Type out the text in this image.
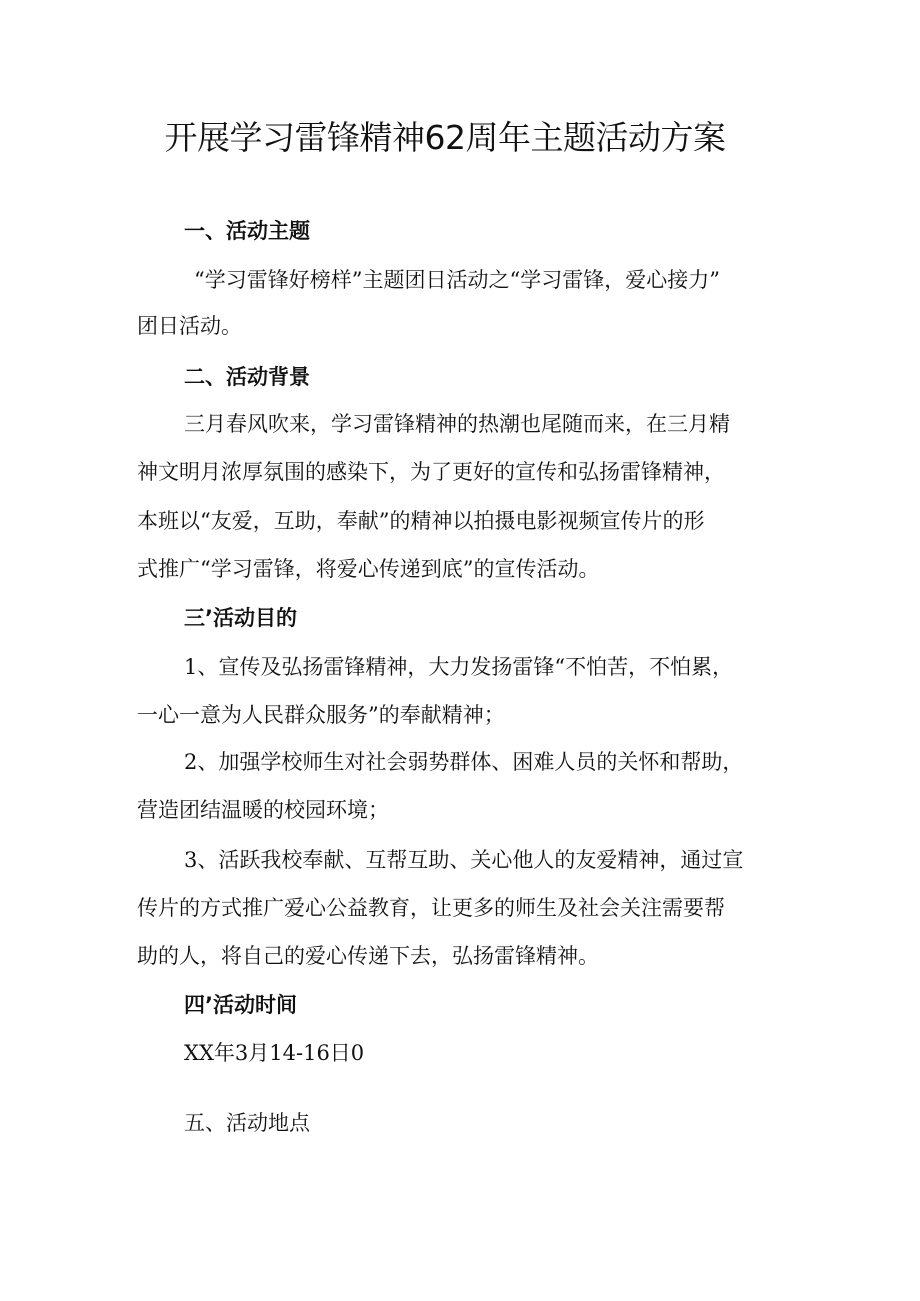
开展学习雷锋精神62周年主题活动方案
一、活动主题
“学习雷锋好榜样”主题团日活动之“学习雷锋，爱心接力”
团日活动。
二、活动背景
三月春风吹来，学习雷锋精神的热潮也尾随而来，在三月精
神文明月浓厚氛围的感染下，为了更好的宣传和弘扬雷锋精神，
本班以“友爱，互助，奉献”的精神以拍摄电影视频宣传片的形
式推广“学习雷锋，将爱心传递到底”的宣传活动。
三’活动目的
1、宣传及弘扬雷锋精神，大力发扬雷锋“不怕苦，不怕累，
一心一意为人民群众服务”的奉献精神；
2、加强学校师生对社会弱势群体、困难人员的关怀和帮助，
营造团结温暖的校园环境；
3、活跃我校奉献、互帮互助、关心他人的友爱精神，通过宣
传片的方式推广爱心公益教育，让更多的师生及社会关注需要帮
助的人，将自己的爱心传递下去，弘扬雷锋精神。
四’活动时间
XX年3月14-16日0
五、活动地点
